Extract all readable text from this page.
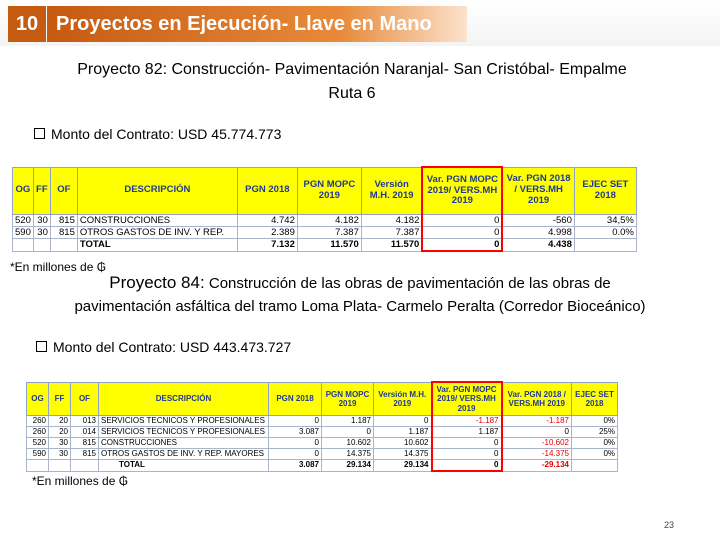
10 Proyectos en Ejecución- Llave en Mano
Proyecto 82: Construcción- Pavimentación Naranjal- San Cristóbal- Empalme
Ruta 6
Monto del Contrato: USD 45.774.773
OG	FF	OF	DESCRIPCIÓN	PGN 2018	PGN MOPC 2019	Versión M.H. 2019	Var. PGN MOPC 2019/ VERS.MH 2019	Var. PGN 2018 / VERS.MH 2019	EJEC SET 2018
520	30	815	CONSTRUCCIONES	4.742	4.182	4.182	0	-560	34,5%
590	30	815	OTROS GASTOS DE INV. Y REP.	2.389	7.387	7.387	0	4.998	0.0%
			TOTAL	7.132	11.570	11.570	0	4.438	
*En millones de ₲
Proyecto 84: Construcción de las obras de pavimentación de las obras de
pavimentación asfáltica del tramo Loma Plata- Carmelo Peralta (Corredor Bioceánico)
Monto del Contrato: USD 443.473.727
OG	FF	OF	DESCRIPCIÓN	PGN 2018	PGN MOPC 2019	Versión M.H. 2019	Var. PGN MOPC 2019/ VERS.MH 2019	Var. PGN 2018 / VERS.MH 2019	EJEC SET 2018
260	20	013	SERVICIOS TECNICOS Y PROFESIONALES	0	1.187	0	-1.187	-1.187	0%
260	20	014	SERVICIOS TECNICOS Y PROFESIONALES	3.087	0	1.187	1.187	0	25%
520	30	815	CONSTRUCCIONES	0	10.602	10.602	0	-10.602	0%
590	30	815	OTROS GASTOS DE INV. Y REP. MAYORES	0	14.375	14.375	0	-14.375	0%
			TOTAL	3.087	29.134	29.134	0	-29.134	
*En millones de ₲
23
